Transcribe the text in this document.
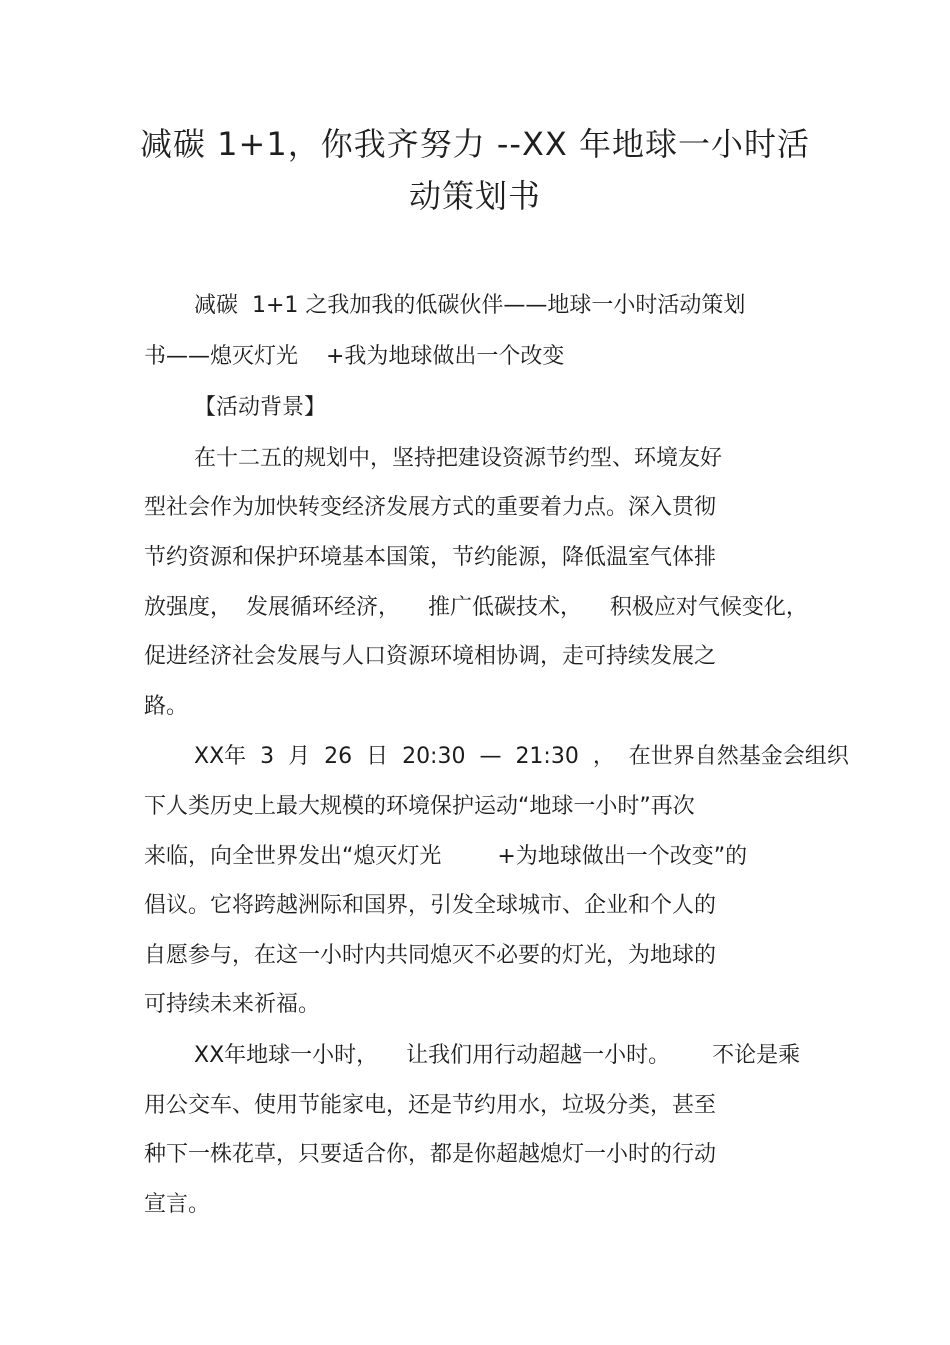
减碳 1+1，你我齐努力 --XX 年地球一小时活
动策划书
减碳  1+1 之我加我的低碳伙伴——地球一小时活动策划
书——熄灭灯光    +我为地球做出一个改变
【活动背景】
在十二五的规划中，坚持把建设资源节约型、环境友好
型社会作为加快转变经济发展方式的重要着力点。深入贯彻
节约资源和保护环境基本国策，节约能源，降低温室气体排
放强度，  发展循环经济，    推广低碳技术，    积极应对气候变化，
促进经济社会发展与人口资源环境相协调，走可持续发展之
路。
XX年  3  月  26  日  20:30  —  21:30  ，  在世界自然基金会组织
下人类历史上最大规模的环境保护运动“地球一小时”再次
来临，向全世界发出“熄灭灯光        +为地球做出一个改变”的
倡议。它将跨越洲际和国界，引发全球城市、企业和个人的
自愿参与，在这一小时内共同熄灭不必要的灯光，为地球的
可持续未来祈福。
XX年地球一小时，    让我们用行动超越一小时。      不论是乘
用公交车、使用节能家电，还是节约用水，垃圾分类，甚至
种下一株花草，只要适合你，都是你超越熄灯一小时的行动
宣言。
